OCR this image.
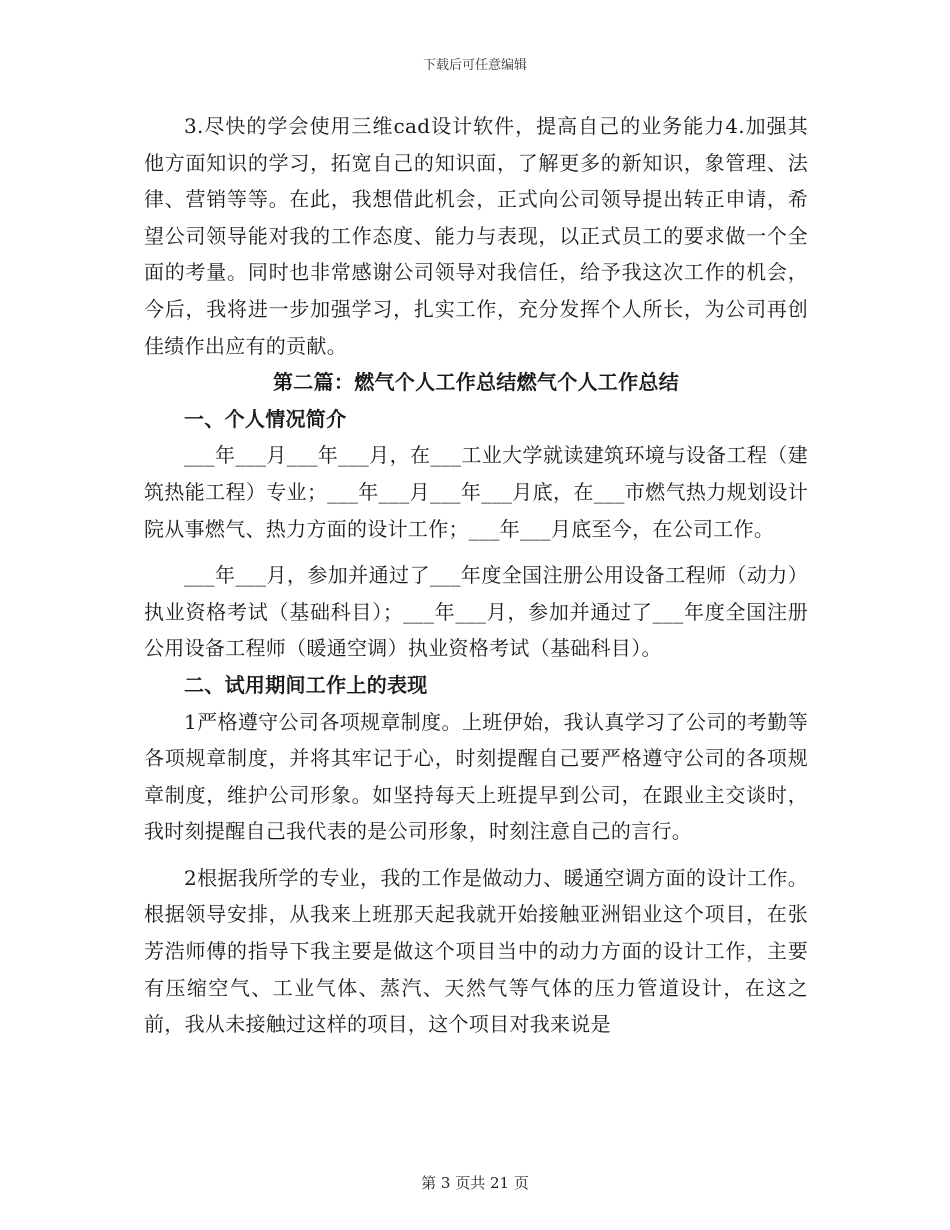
下载后可任意编辑

3.尽快的学会使用三维cad设计软件，提高自己的业务能力4.加强其他方面知识的学习，拓宽自己的知识面，了解更多的新知识，象管理、法律、营销等等。在此，我想借此机会，正式向公司领导提出转正申请，希望公司领导能对我的工作态度、能力与表现，以正式员工的要求做一个全面的考量。同时也非常感谢公司领导对我信任，给予我这次工作的机会，今后，我将进一步加强学习，扎实工作，充分发挥个人所长，为公司再创佳绩作出应有的贡献。

第二篇：燃气个人工作总结燃气个人工作总结
一、个人情况简介

___年___月___年___月，在___工业大学就读建筑环境与设备工程（建筑热能工程）专业；___年___月___年___月底，在___市燃气热力规划设计院从事燃气、热力方面的设计工作；___年___月底至今，在公司工作。

___年___月，参加并通过了___年度全国注册公用设备工程师（动力）执业资格考试（基础科目）；___年___月，参加并通过了___年度全国注册公用设备工程师（暖通空调）执业资格考试（基础科目）。

二、试用期间工作上的表现

1严格遵守公司各项规章制度。上班伊始，我认真学习了公司的考勤等各项规章制度，并将其牢记于心，时刻提醒自己要严格遵守公司的各项规章制度，维护公司形象。如坚持每天上班提早到公司，在跟业主交谈时，我时刻提醒自己我代表的是公司形象，时刻注意自己的言行。

2根据我所学的专业，我的工作是做动力、暖通空调方面的设计工作。根据领导安排，从我来上班那天起我就开始接触亚洲铝业这个项目，在张芳浩师傅的指导下我主要是做这个项目当中的动力方面的设计工作，主要有压缩空气、工业气体、蒸汽、天然气等气体的压力管道设计，在这之前，我从未接触过这样的项目，这个项目对我来说是

第 3 页共 21 页
